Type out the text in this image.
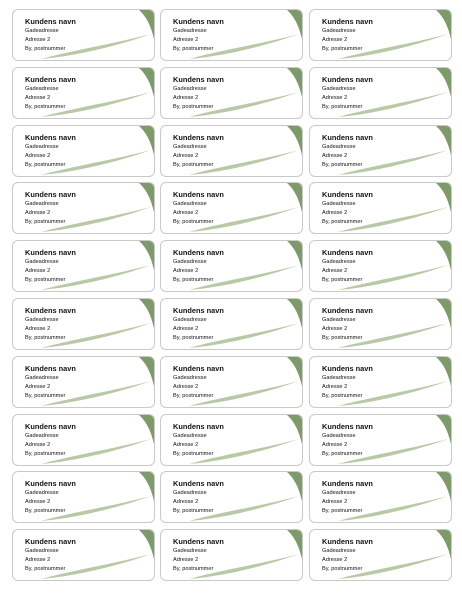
Kundens navn
Gadeadresse
Adresse 2
By, postnummer
Kundens navn
Gadeadresse
Adresse 2
By, postnummer
Kundens navn
Gadeadresse
Adresse 2
By, postnummer
Kundens navn
Gadeadresse
Adresse 2
By, postnummer
Kundens navn
Gadeadresse
Adresse 2
By, postnummer
Kundens navn
Gadeadresse
Adresse 2
By, postnummer
Kundens navn
Gadeadresse
Adresse 2
By, postnummer
Kundens navn
Gadeadresse
Adresse 2
By, postnummer
Kundens navn
Gadeadresse
Adresse 2
By, postnummer
Kundens navn
Gadeadresse
Adresse 2
By, postnummer
Kundens navn
Gadeadresse
Adresse 2
By, postnummer
Kundens navn
Gadeadresse
Adresse 2
By, postnummer
Kundens navn
Gadeadresse
Adresse 2
By, postnummer
Kundens navn
Gadeadresse
Adresse 2
By, postnummer
Kundens navn
Gadeadresse
Adresse 2
By, postnummer
Kundens navn
Gadeadresse
Adresse 2
By, postnummer
Kundens navn
Gadeadresse
Adresse 2
By, postnummer
Kundens navn
Gadeadresse
Adresse 2
By, postnummer
Kundens navn
Gadeadresse
Adresse 2
By, postnummer
Kundens navn
Gadeadresse
Adresse 2
By, postnummer
Kundens navn
Gadeadresse
Adresse 2
By, postnummer
Kundens navn
Gadeadresse
Adresse 2
By, postnummer
Kundens navn
Gadeadresse
Adresse 2
By, postnummer
Kundens navn
Gadeadresse
Adresse 2
By, postnummer
Kundens navn
Gadeadresse
Adresse 2
By, postnummer
Kundens navn
Gadeadresse
Adresse 2
By, postnummer
Kundens navn
Gadeadresse
Adresse 2
By, postnummer
Kundens navn
Gadeadresse
Adresse 2
By, postnummer
Kundens navn
Gadeadresse
Adresse 2
By, postnummer
Kundens navn
Gadeadresse
Adresse 2
By, postnummer
